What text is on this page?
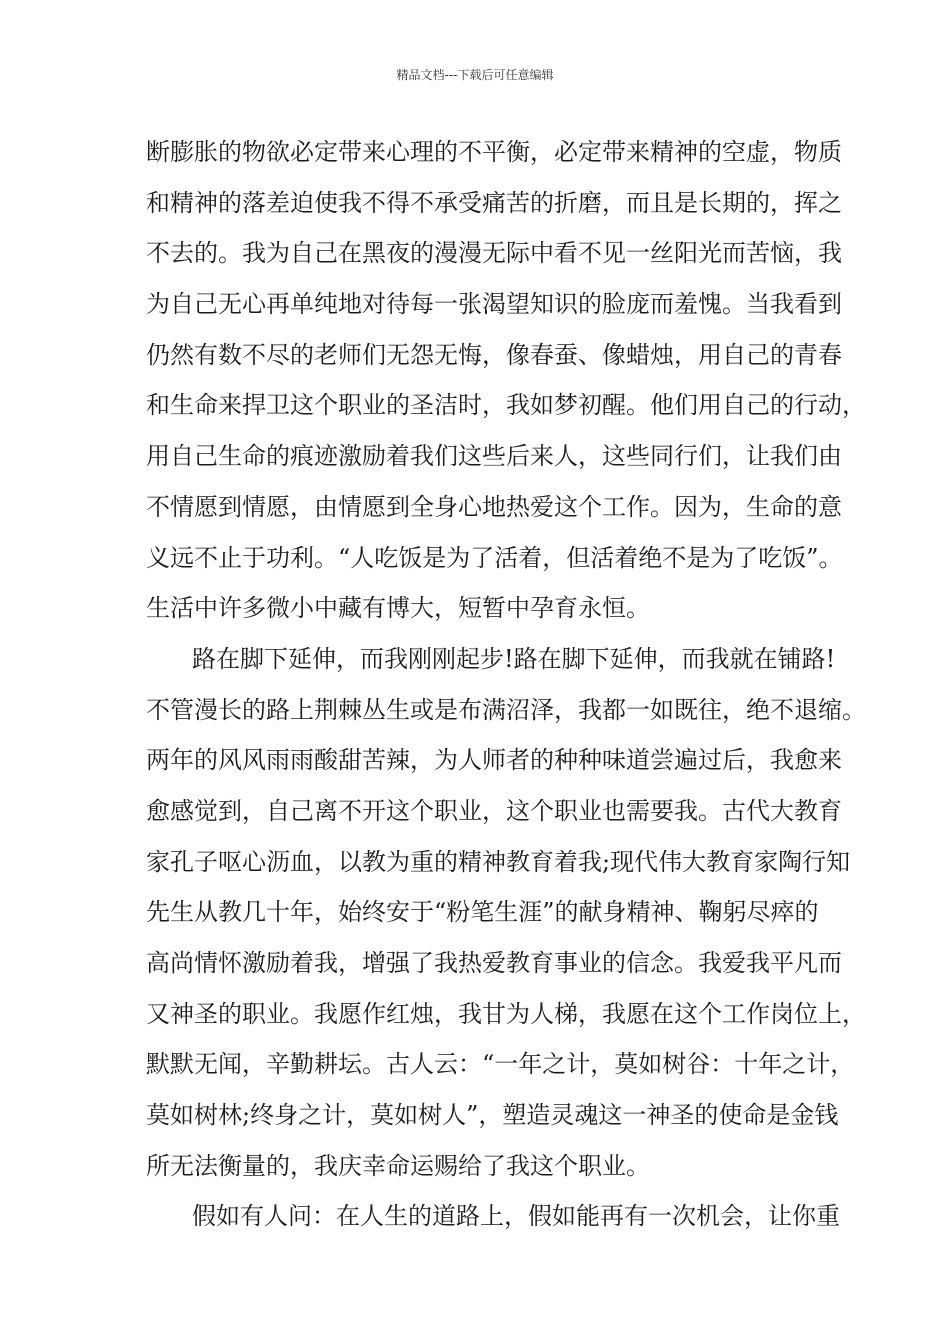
精品文档---下载后可任意编辑
断膨胀的物欲必定带来心理的不平衡，必定带来精神的空虚，物质
和精神的落差迫使我不得不承受痛苦的折磨，而且是长期的，挥之
不去的。我为自己在黑夜的漫漫无际中看不见一丝阳光而苦恼，我
为自己无心再单纯地对待每一张渴望知识的脸庞而羞愧。当我看到
仍然有数不尽的老师们无怨无悔，像春蚕、像蜡烛，用自己的青春
和生命来捍卫这个职业的圣洁时，我如梦初醒。他们用自己的行动，
用自己生命的痕迹激励着我们这些后来人，这些同行们，让我们由
不情愿到情愿，由情愿到全身心地热爱这个工作。因为，生命的意
义远不止于功利。“人吃饭是为了活着，但活着绝不是为了吃饭”。
生活中许多微小中藏有博大，短暂中孕育永恒。
路在脚下延伸，而我刚刚起步!路在脚下延伸，而我就在铺路!
不管漫长的路上荆棘丛生或是布满沼泽，我都一如既往，绝不退缩。
两年的风风雨雨酸甜苦辣，为人师者的种种味道尝遍过后，我愈来
愈感觉到，自己离不开这个职业，这个职业也需要我。古代大教育
家孔子呕心沥血，以教为重的精神教育着我;现代伟大教育家陶行知
先生从教几十年，始终安于“粉笔生涯”的献身精神、鞠躬尽瘁的
高尚情怀激励着我，增强了我热爱教育事业的信念。我爱我平凡而
又神圣的职业。我愿作红烛，我甘为人梯，我愿在这个工作岗位上，
默默无闻，辛勤耕坛。古人云：“一年之计，莫如树谷：十年之计，
莫如树林;终身之计，莫如树人”，塑造灵魂这一神圣的使命是金钱
所无法衡量的，我庆幸命运赐给了我这个职业。
假如有人问：在人生的道路上，假如能再有一次机会，让你重
